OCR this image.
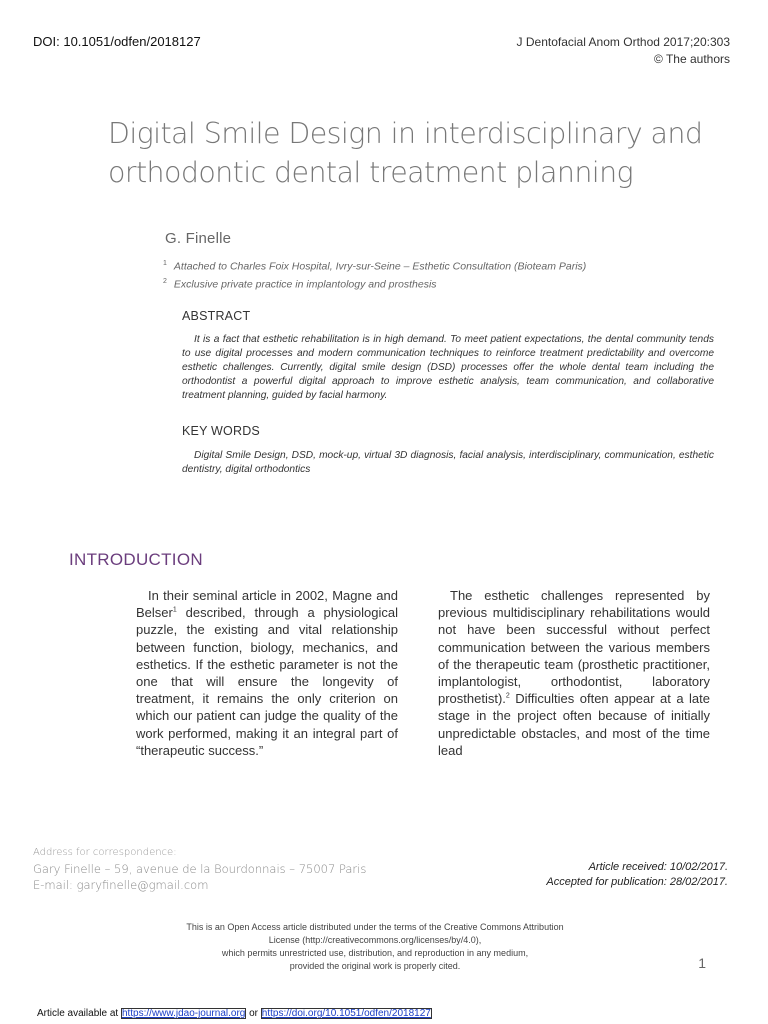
DOI: 10.1051/odfen/2018127	J Dentofacial Anom Orthod 2017;20:303
© The authors
Digital Smile Design in interdisciplinary and orthodontic dental treatment planning
G. Finelle
$^1$ Attached to Charles Foix Hospital, Ivry-sur-Seine – Esthetic Consultation (Bioteam Paris)
$^2$ Exclusive private practice in implantology and prosthesis
ABSTRACT

It is a fact that esthetic rehabilitation is in high demand. To meet patient expectations, the dental community tends to use digital processes and modern communication techniques to reinforce treatment predictability and overcome esthetic challenges. Currently, digital smile design (DSD) processes offer the whole dental team including the orthodontist a powerful digital approach to improve esthetic analysis, team communication, and collaborative treatment planning, guided by facial harmony.

KEY WORDS

Digital Smile Design, DSD, mock-up, virtual 3D diagnosis, facial analysis, interdisciplinary, communication, esthetic dentistry, digital orthodontics

INTRODUCTION

In their seminal article in 2002, Magne and Belser$^1$ described, through a physiological puzzle, the existing and vital relationship between function, biology, mechanics, and esthetics. If the esthetic parameter is not the one that will ensure the longevity of treatment, it remains the only criterion on which our patient can judge the quality of the work performed, making it an integral part of “therapeutic success.”

The esthetic challenges represented by previous multidisciplinary rehabilitations would not have been successful without perfect communication between the various members of the therapeutic team (prosthetic practitioner, implantologist, orthodontist, laboratory prosthetist).$^2$ Difficulties often appear at a late stage in the project often because of initially unpredictable obstacles, and most of the time lead

Address for correspondence:
Gary Finelle – 59, avenue de la Bourdonnais – 75007 Paris
E-mail: garyfinelle@gmail.com
Article received: 10/02/2017.
Accepted for publication: 28/02/2017.
This is an Open Access article distributed under the terms of the Creative Commons Attribution
License (http://creativecommons.org/licenses/by/4.0),
which permits unrestricted use, distribution, and reproduction in any medium,
provided the original work is properly cited.	1
Article available at https://www.jdao-journal.org or https://doi.org/10.1051/odfen/2018127
